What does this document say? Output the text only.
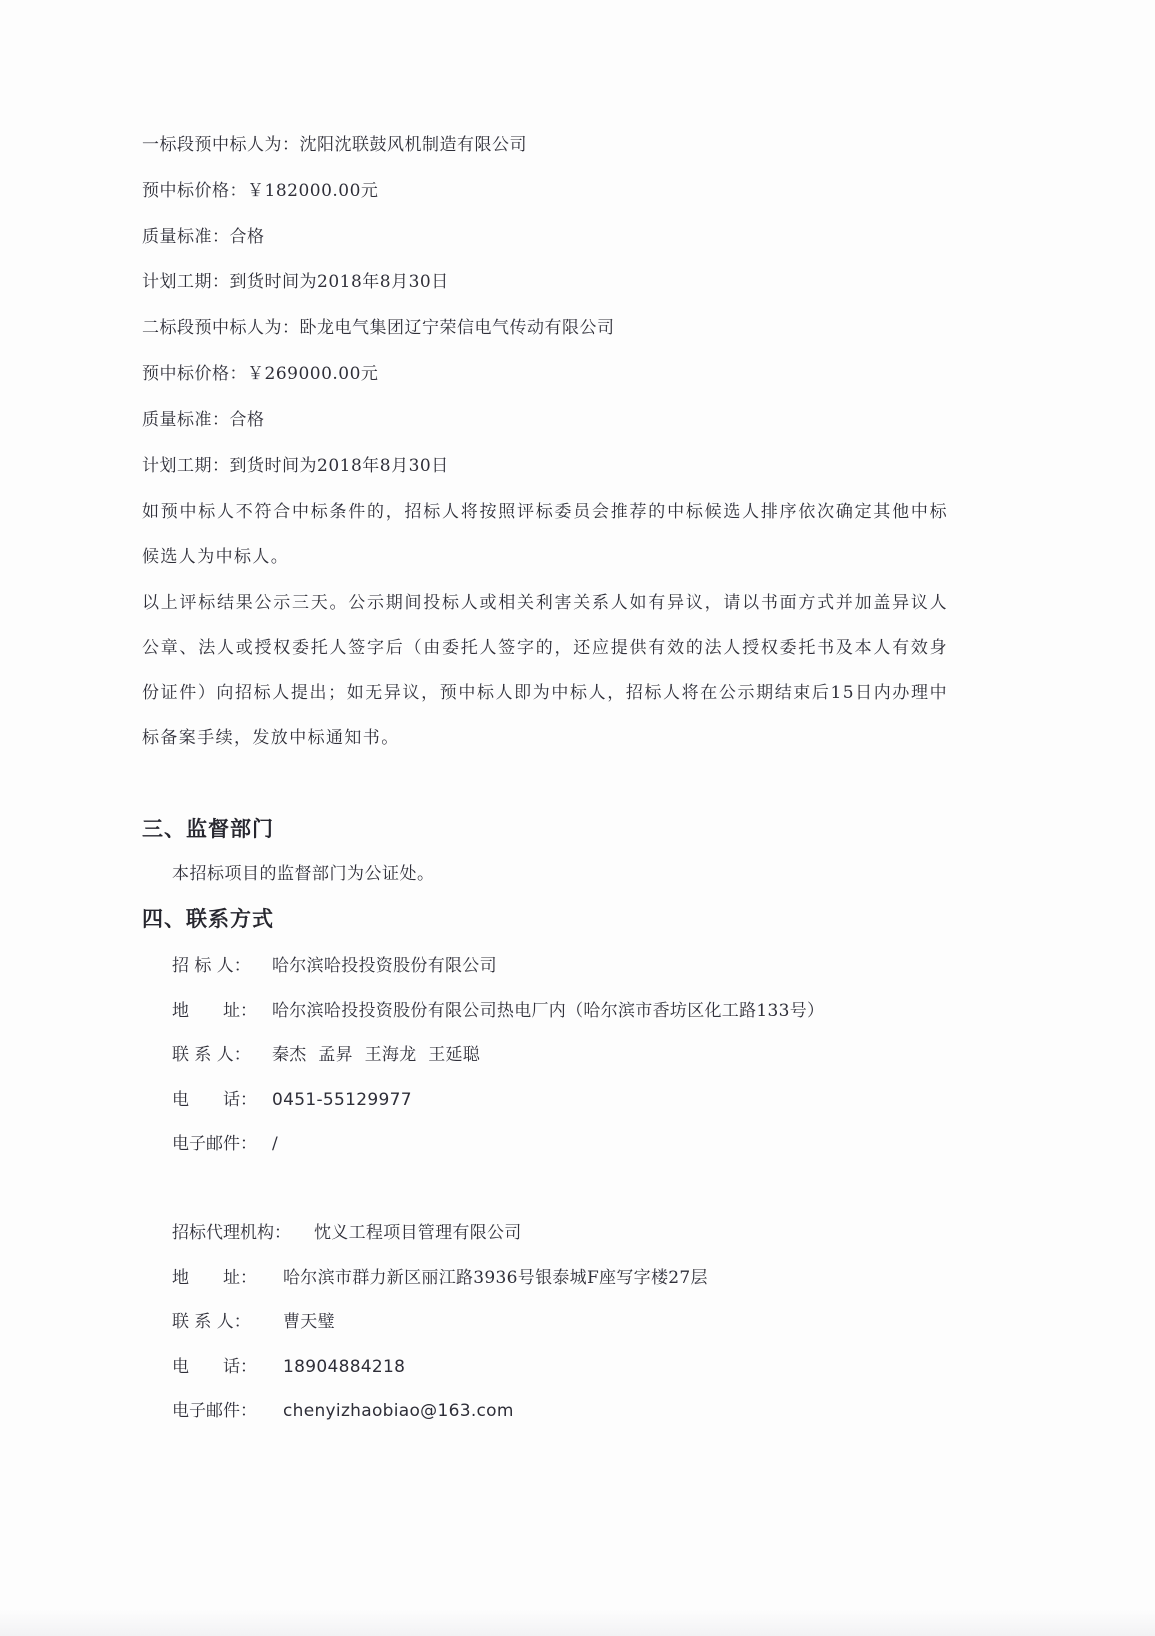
一标段预中标人为：沈阳沈联鼓风机制造有限公司
预中标价格：￥182000.00元
质量标准：合格
计划工期：到货时间为2018年8月30日
二标段预中标人为：卧龙电气集团辽宁荣信电气传动有限公司
预中标价格：￥269000.00元
质量标准：合格
计划工期：到货时间为2018年8月30日
如预中标人不符合中标条件的，招标人将按照评标委员会推荐的中标候选人排序依次确定其他中标候选人为中标人。
以上评标结果公示三天。公示期间投标人或相关利害关系人如有异议，请以书面方式并加盖异议人公章、法人或授权委托人签字后（由委托人签字的，还应提供有效的法人授权委托书及本人有效身份证件）向招标人提出；如无异议，预中标人即为中标人，招标人将在公示期结束后15日内办理中标备案手续，发放中标通知书。
三、监督部门
本招标项目的监督部门为公证处。
四、联系方式
招 标 人： 哈尔滨哈投投资股份有限公司
地　　址： 哈尔滨哈投投资股份有限公司热电厂内（哈尔滨市香坊区化工路133号）
联 系 人： 秦杰 孟昇 王海龙 王延聪
电　　话： 0451-55129977
电子邮件： /
招标代理机构： 忱义工程项目管理有限公司
地　　址： 哈尔滨市群力新区丽江路3936号银泰城F座写字楼27层
联 系 人： 曹天璧
电　　话： 18904884218
电子邮件： chenyizhaobiao@163.com
